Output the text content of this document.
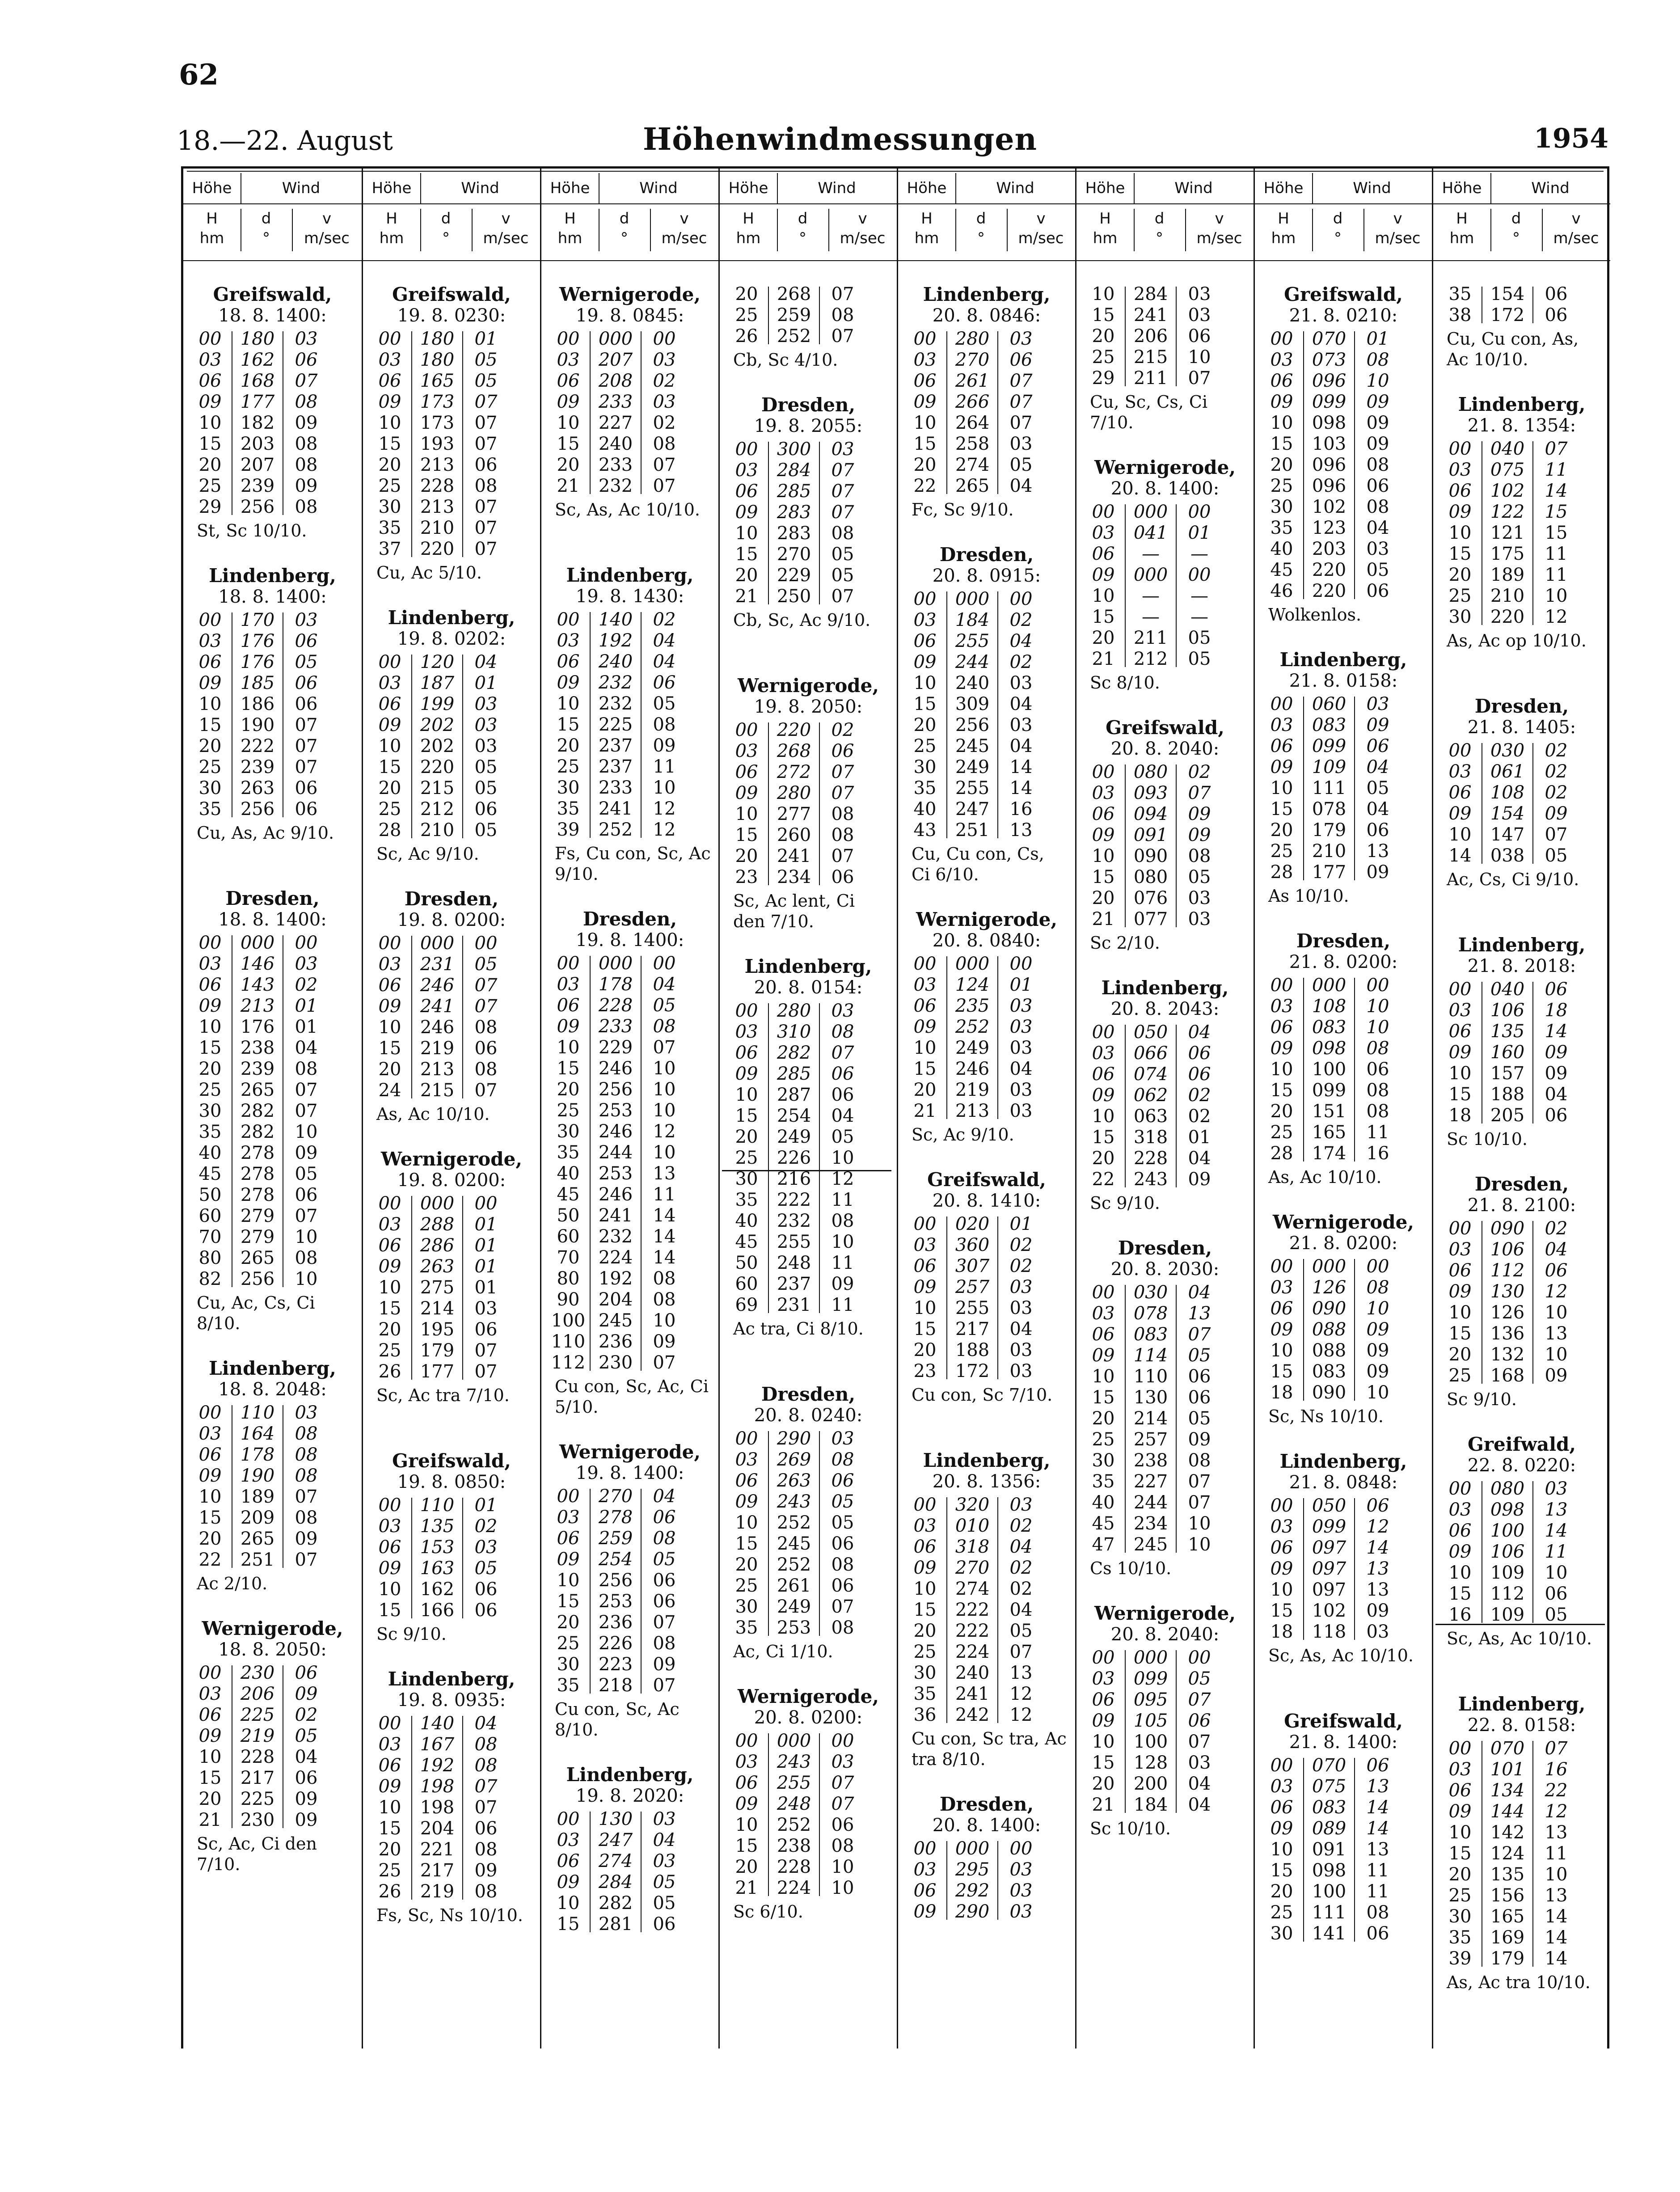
62
18.—22. August	Höhenwindmessungen	1954
Höhe	Wind
H
hm
d
°
v
m/sec
Greifswald,
18. 8. 1400:
00	180	03
03	162	06
06	168	07
09	177	08
10	182	09
15	203	08
20	207	08
25	239	09
29	256	08
St, Sc 10/10.
Lindenberg,
18. 8. 1400:
00	170	03
03	176	06
06	176	05
09	185	06
10	186	06
15	190	07
20	222	07
25	239	07
30	263	06
35	256	06
Cu, As, Ac 9/10.
Dresden,
18. 8. 1400:
00	000	00
03	146	03
06	143	02
09	213	01
10	176	01
15	238	04
20	239	08
25	265	07
30	282	07
35	282	10
40	278	09
45	278	05
50	278	06
60	279	07
70	279	10
80	265	08
82	256	10
Cu, Ac, Cs, Ci 8/10.
Lindenberg,
18. 8. 2048:
00	110	03
03	164	08
06	178	08
09	190	08
10	189	07
15	209	08
20	265	09
22	251	07
Ac 2/10.
Wernigerode,
18. 8. 2050:
00	230	06
03	206	09
06	225	02
09	219	05
10	228	04
15	217	06
20	225	09
21	230	09
Sc, Ac, Ci den 7/10.
Höhe	Wind
H
hm
d
°
v
m/sec
Greifswald,
19. 8. 0230:
00	180	01
03	180	05
06	165	05
09	173	07
10	173	07
15	193	07
20	213	06
25	228	08
30	213	07
35	210	07
37	220	07
Cu, Ac 5/10.
Lindenberg,
19. 8. 0202:
00	120	04
03	187	01
06	199	03
09	202	03
10	202	03
15	220	05
20	215	05
25	212	06
28	210	05
Sc, Ac 9/10.
Dresden,
19. 8. 0200:
00	000	00
03	231	05
06	246	07
09	241	07
10	246	08
15	219	06
20	213	08
24	215	07
As, Ac 10/10.
Wernigerode,
19. 8. 0200:
00	000	00
03	288	01
06	286	01
09	263	01
10	275	01
15	214	03
20	195	06
25	179	07
26	177	07
Sc, Ac tra 7/10.
Greifswald,
19. 8. 0850:
00	110	01
03	135	02
06	153	03
09	163	05
10	162	06
15	166	06
Sc 9/10.
Lindenberg,
19. 8. 0935:
00	140	04
03	167	08
06	192	08
09	198	07
10	198	07
15	204	06
20	221	08
25	217	09
26	219	08
Fs, Sc, Ns 10/10.
Höhe	Wind
H
hm
d
°
v
m/sec
Wernigerode,
19. 8. 0845:
00	000	00
03	207	03
06	208	02
09	233	03
10	227	02
15	240	08
20	233	07
21	232	07
Sc, As, Ac 10/10.
Lindenberg,
19. 8. 1430:
00	140	02
03	192	04
06	240	04
09	232	06
10	232	05
15	225	08
20	237	09
25	237	11
30	233	10
35	241	12
39	252	12
Fs, Cu con, Sc, Ac 9/10.
Dresden,
19. 8. 1400:
00	000	00
03	178	04
06	228	05
09	233	08
10	229	07
15	246	10
20	256	10
25	253	10
30	246	12
35	244	10
40	253	13
45	246	11
50	241	14
60	232	14
70	224	14
80	192	08
90	204	08
100 245	10
110 236	09
112 230	07
Cu con, Sc, Ac, Ci 5/10.
Wernigerode,
19. 8. 1400:
00	270	04
03	278	06
06	259	08
09	254	05
10	256	06
15	253	06
20	236	07
25	226	08
30	223	09
35	218	07
Cu con, Sc, Ac 8/10.
Lindenberg,
19. 8. 2020:
00	130	03
03	247	04
06	274	03
09	284	05
10	282	05
15	281	06
Höhe	Wind
H
hm
d
°
v
m/sec
20	268	07
25	259	08
26	252	07
Cb, Sc 4/10.
Dresden,
19. 8. 2055:
00	300	03
03	284	07
06	285	07
09	283	07
10	283	08
15	270	05
20	229	05
21	250	07
Cb, Sc, Ac 9/10.
Wernigerode,
19. 8. 2050:
00	220	02
03	268	06
06	272	07
09	280	07
10	277	08
15	260	08
20	241	07
23	234	06
Sc, Ac lent, Ci den 7/10.
Lindenberg,
20. 8. 0154:
00	280	03
03	310	08
06	282	07
09	285	06
10	287	06
15	254	04
20	249	05
25	226	10
30	216	12
35	222	11
40	232	08
45	255	10
50	248	11
60	237	09
69	231	11
Ac tra, Ci 8/10.
Dresden,
20. 8. 0240:
00	290	03
03	269	08
06	263	06
09	243	05
10	252	05
15	245	06
20	252	08
25	261	06
30	249	07
35	253	08
Ac, Ci 1/10.
Wernigerode,
20. 8. 0200:
00	000	00
03	243	03
06	255	07
09	248	07
10	252	06
15	238	08
20	228	10
21	224	10
Sc 6/10.
Höhe	Wind
H
hm
d
°
v
m/sec
Lindenberg,
20. 8. 0846:
00	280	03
03	270	06
06	261	07
09	266	07
10	264	07
15	258	03
20	274	05
22	265	04
Fc, Sc 9/10.
Dresden,
20. 8. 0915:
00	000	00
03	184	02
06	255	04
09	244	02
10	240	03
15	309	04
20	256	03
25	245	04
30	249	14
35	255	14
40	247	16
43	251	13
Cu, Cu con, Cs, Ci 6/10.
Wernigerode,
20. 8. 0840:
00	000	00
03	124	01
06	235	03
09	252	03
10	249	03
15	246	04
20	219	03
21	213	03
Sc, Ac 9/10.
Greifswald,
20. 8. 1410:
00	020	01
03	360	02
06	307	02
09	257	03
10	255	03
15	217	04
20	188	03
23	172	03
Cu con, Sc 7/10.
Lindenberg,
20. 8. 1356:
00	320	03
03	010	02
06	318	04
09	270	02
10	274	02
15	222	04
20	222	05
25	224	07
30	240	13
35	241	12
36	242	12
Cu con, Sc tra, Ac tra 8/10.
Dresden,
20. 8. 1400:
00	000	00
03	295	03
06	292	03
09	290	03
Höhe	Wind
H
hm
d
°
v
m/sec
10	284	03
15	241	03
20	206	06
25	215	10
29	211	07
Cu, Sc, Cs, Ci 7/10.
Wernigerode,
20. 8. 1400:
00	000	00
03	041	01
06	—	—
09	000	00
10	—	—
15	—	—
20	211	05
21	212	05
Sc 8/10.
Greifswald,
20. 8. 2040:
00	080	02
03	093	07
06	094	09
09	091	09
10	090	08
15	080	05
20	076	03
21	077	03
Sc 2/10.
Lindenberg,
20. 8. 2043:
00	050	04
03	066	06
06	074	06
09	062	02
10	063	02
15	318	01
20	228	04
22	243	09
Sc 9/10.
Dresden,
20. 8. 2030:
00	030	04
03	078	13
06	083	07
09	114	05
10	110	06
15	130	06
20	214	05
25	257	09
30	238	08
35	227	07
40	244	07
45	234	10
47	245	10
Cs 10/10.
Wernigerode,
20. 8. 2040:
00	000	00
03	099	05
06	095	07
09	105	06
10	100	07
15	128	03
20	200	04
21	184	04
Sc 10/10.
Höhe	Wind
H
hm
d
°
v
m/sec
Greifswald,
21. 8. 0210:
00	070	01
03	073	08
06	096	10
09	099	09
10	098	09
15	103	09
20	096	08
25	096	06
30	102	08
35	123	04
40	203	03
45	220	05
46	220	06
Wolkenlos.
Lindenberg,
21. 8. 0158:
00	060	03
03	083	09
06	099	06
09	109	04
10	111	05
15	078	04
20	179	06
25	210	13
28	177	09
As 10/10.
Dresden,
21. 8. 0200:
00	000	00
03	108	10
06	083	10
09	098	08
10	100	06
15	099	08
20	151	08
25	165	11
28	174	16
As, Ac 10/10.
Wernigerode,
21. 8. 0200:
00	000	00
03	126	08
06	090	10
09	088	09
10	088	09
15	083	09
18	090	10
Sc, Ns 10/10.
Lindenberg,
21. 8. 0848:
00	050	06
03	099	12
06	097	14
09	097	13
10	097	13
15	102	09
18	118	03
Sc, As, Ac 10/10.
Greifswald,
21. 8. 1400:
00	070	06
03	075	13
06	083	14
09	089	14
10	091	13
15	098	11
20	100	11
25	111	08
30	141	06
Höhe	Wind
H
hm
d
°
v
m/sec
35	154	06
38	172	06
Cu, Cu con, As, Ac 10/10.
Lindenberg,
21. 8. 1354:
00	040	07
03	075	11
06	102	14
09	122	15
10	121	15
15	175	11
20	189	11
25	210	10
30	220	12
As, Ac op 10/10.
Dresden,
21. 8. 1405:
00	030	02
03	061	02
06	108	02
09	154	09
10	147	07
14	038	05
Ac, Cs, Ci 9/10.
Lindenberg,
21. 8. 2018:
00	040	06
03	106	18
06	135	14
09	160	09
10	157	09
15	188	04
18	205	06
Sc 10/10.
Dresden,
21. 8. 2100:
00	090	02
03	106	04
06	112	06
09	130	12
10	126	10
15	136	13
20	132	10
25	168	09
Sc 9/10.
Greifwald,
22. 8. 0220:
00	080	03
03	098	13
06	100	14
09	106	11
10	109	10
15	112	06
16	109	05
Sc, As, Ac 10/10.
Lindenberg,
22. 8. 0158:
00	070	07
03	101	16
06	134	22
09	144	12
10	142	13
15	124	11
20	135	10
25	156	13
30	165	14
35	169	14
39	179	14
As, Ac tra 10/10.
